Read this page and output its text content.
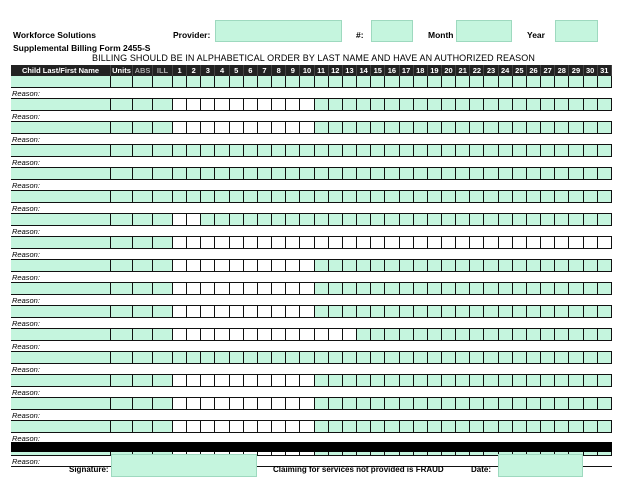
Workforce Solutions
Supplemental Billing Form 2455-S
Provider:	#:	Month	Year
BILLING SHOULD BE IN ALPHABETICAL ORDER BY LAST NAME AND HAVE AN AUTHORIZED REASON
Child Last/First Name	Units ABS ILL	1	2	3	4	5	6	7	8	9	10 11 12 13 14 15 16 17 18 19 20 21 22 23 24 25 26 27 28 29 30 31
Reason:
Reason:
Reason:
Reason:
Reason:
Reason:
Reason:
Reason:
Reason:
Reason:
Reason:
Reason:
Reason:
Reason:
Reason:
Reason:
Reason:
Signature:	Claiming for services not provided is FRAUD	Date:
